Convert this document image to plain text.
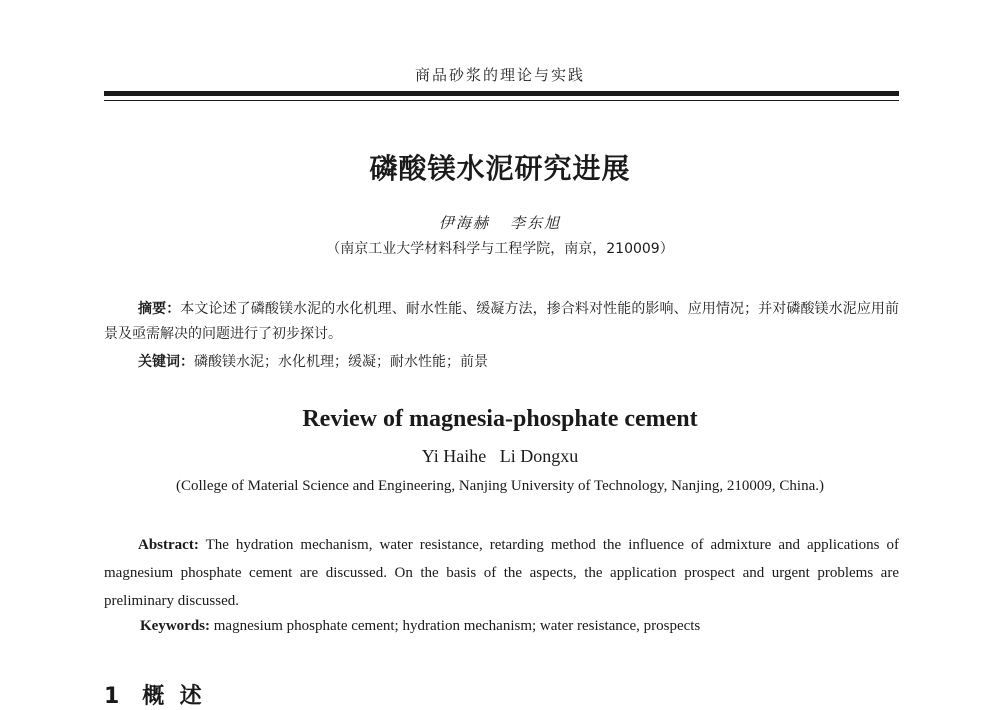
商品砂浆的理论与实践
磷酸镁水泥研究进展
伊海赫   李东旭
（南京工业大学材料科学与工程学院，南京，210009）
摘要：本文论述了磷酸镁水泥的水化机理、耐水性能、缓凝方法，掺合料对性能的影响、应用情况；并对磷酸镁水泥应用前景及亟需解决的问题进行了初步探讨。
关键词：磷酸镁水泥；水化机理；缓凝；耐水性能；前景
Review of magnesia-phosphate cement
Yi Haihe   Li Dongxu
(College of Material Science and Engineering, Nanjing University of Technology, Nanjing, 210009, China.)
Abstract: The hydration mechanism, water resistance, retarding method the influence of admixture and applications of magnesium phosphate cement are discussed. On the basis of the aspects, the application prospect and urgent problems are preliminary discussed.
Keywords: magnesium phosphate cement; hydration mechanism; water resistance, prospects
1 概  述
